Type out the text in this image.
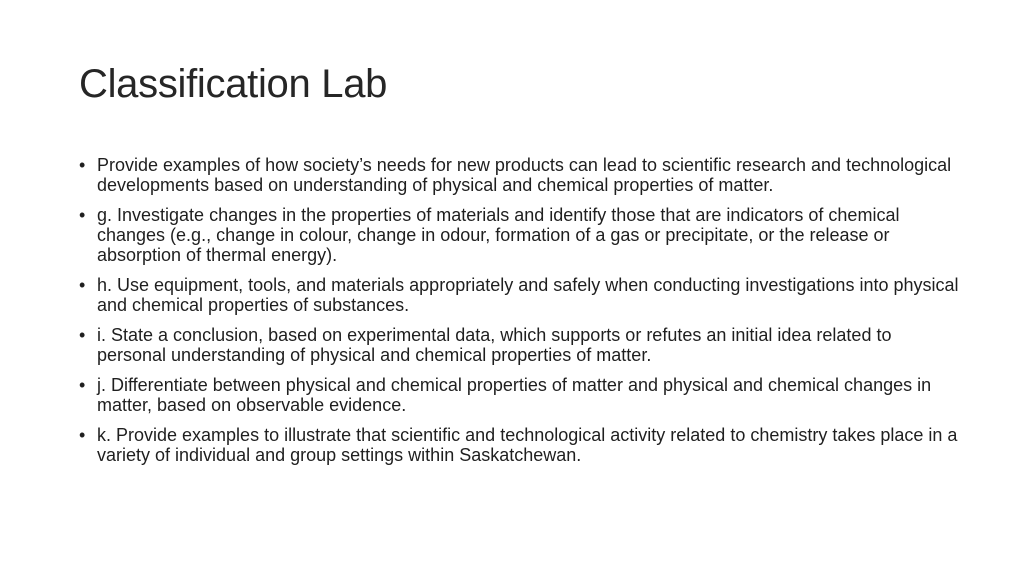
Classification Lab
• Provide examples of how society’s needs for new products can lead to scientific research and technological developments based on understanding of physical and chemical properties of matter.
• g. Investigate changes in the properties of materials and identify those that are indicators of chemical changes (e.g., change in colour, change in odour, formation of a gas or precipitate, or the release or absorption of thermal energy).
• h. Use equipment, tools, and materials appropriately and safely when conducting investigations into physical and chemical properties of substances.
• i. State a conclusion, based on experimental data, which supports or refutes an initial idea related to personal understanding of physical and chemical properties of matter.
• j. Differentiate between physical and chemical properties of matter and physical and chemical changes in matter, based on observable evidence.
• k. Provide examples to illustrate that scientific and technological activity related to chemistry takes place in a variety of individual and group settings within Saskatchewan.
